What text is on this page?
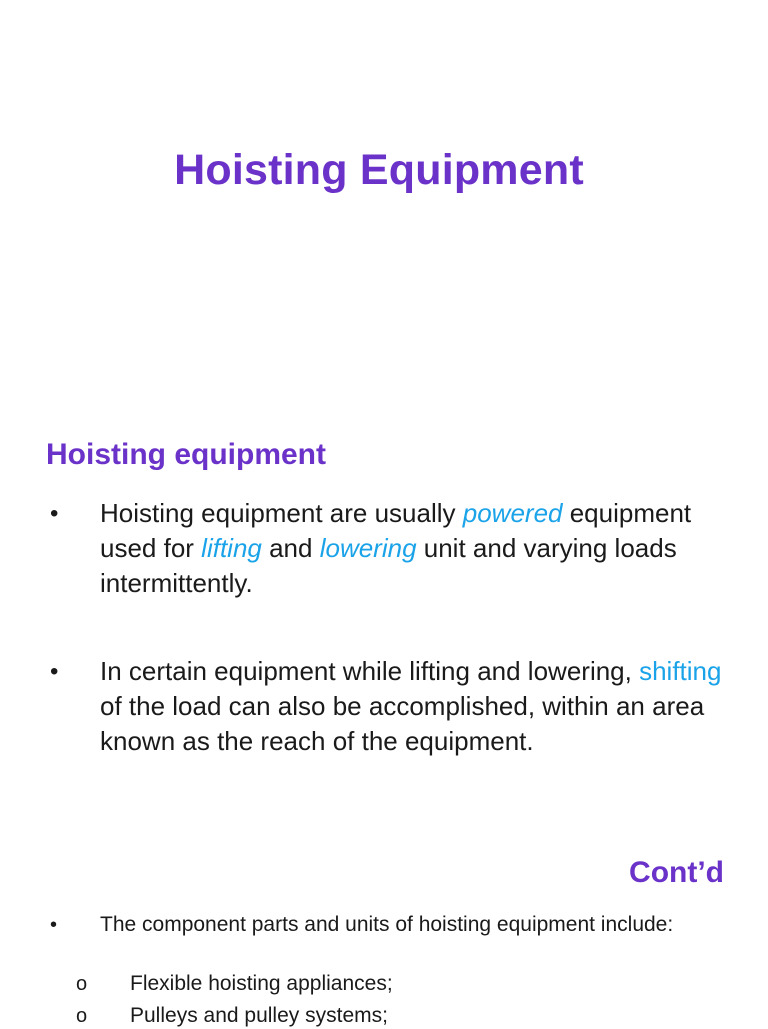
Hoisting Equipment
Hoisting equipment
• Hoisting equipment are usually powered equipment used for lifting and lowering unit and varying loads intermittently.
• In certain equipment while lifting and lowering, shifting of the load can also be accomplished, within an area known as the reach of the equipment.
Cont’d
• The component parts and units of hoisting equipment include:
o Flexible hoisting appliances;
o Pulleys and pulley systems;
